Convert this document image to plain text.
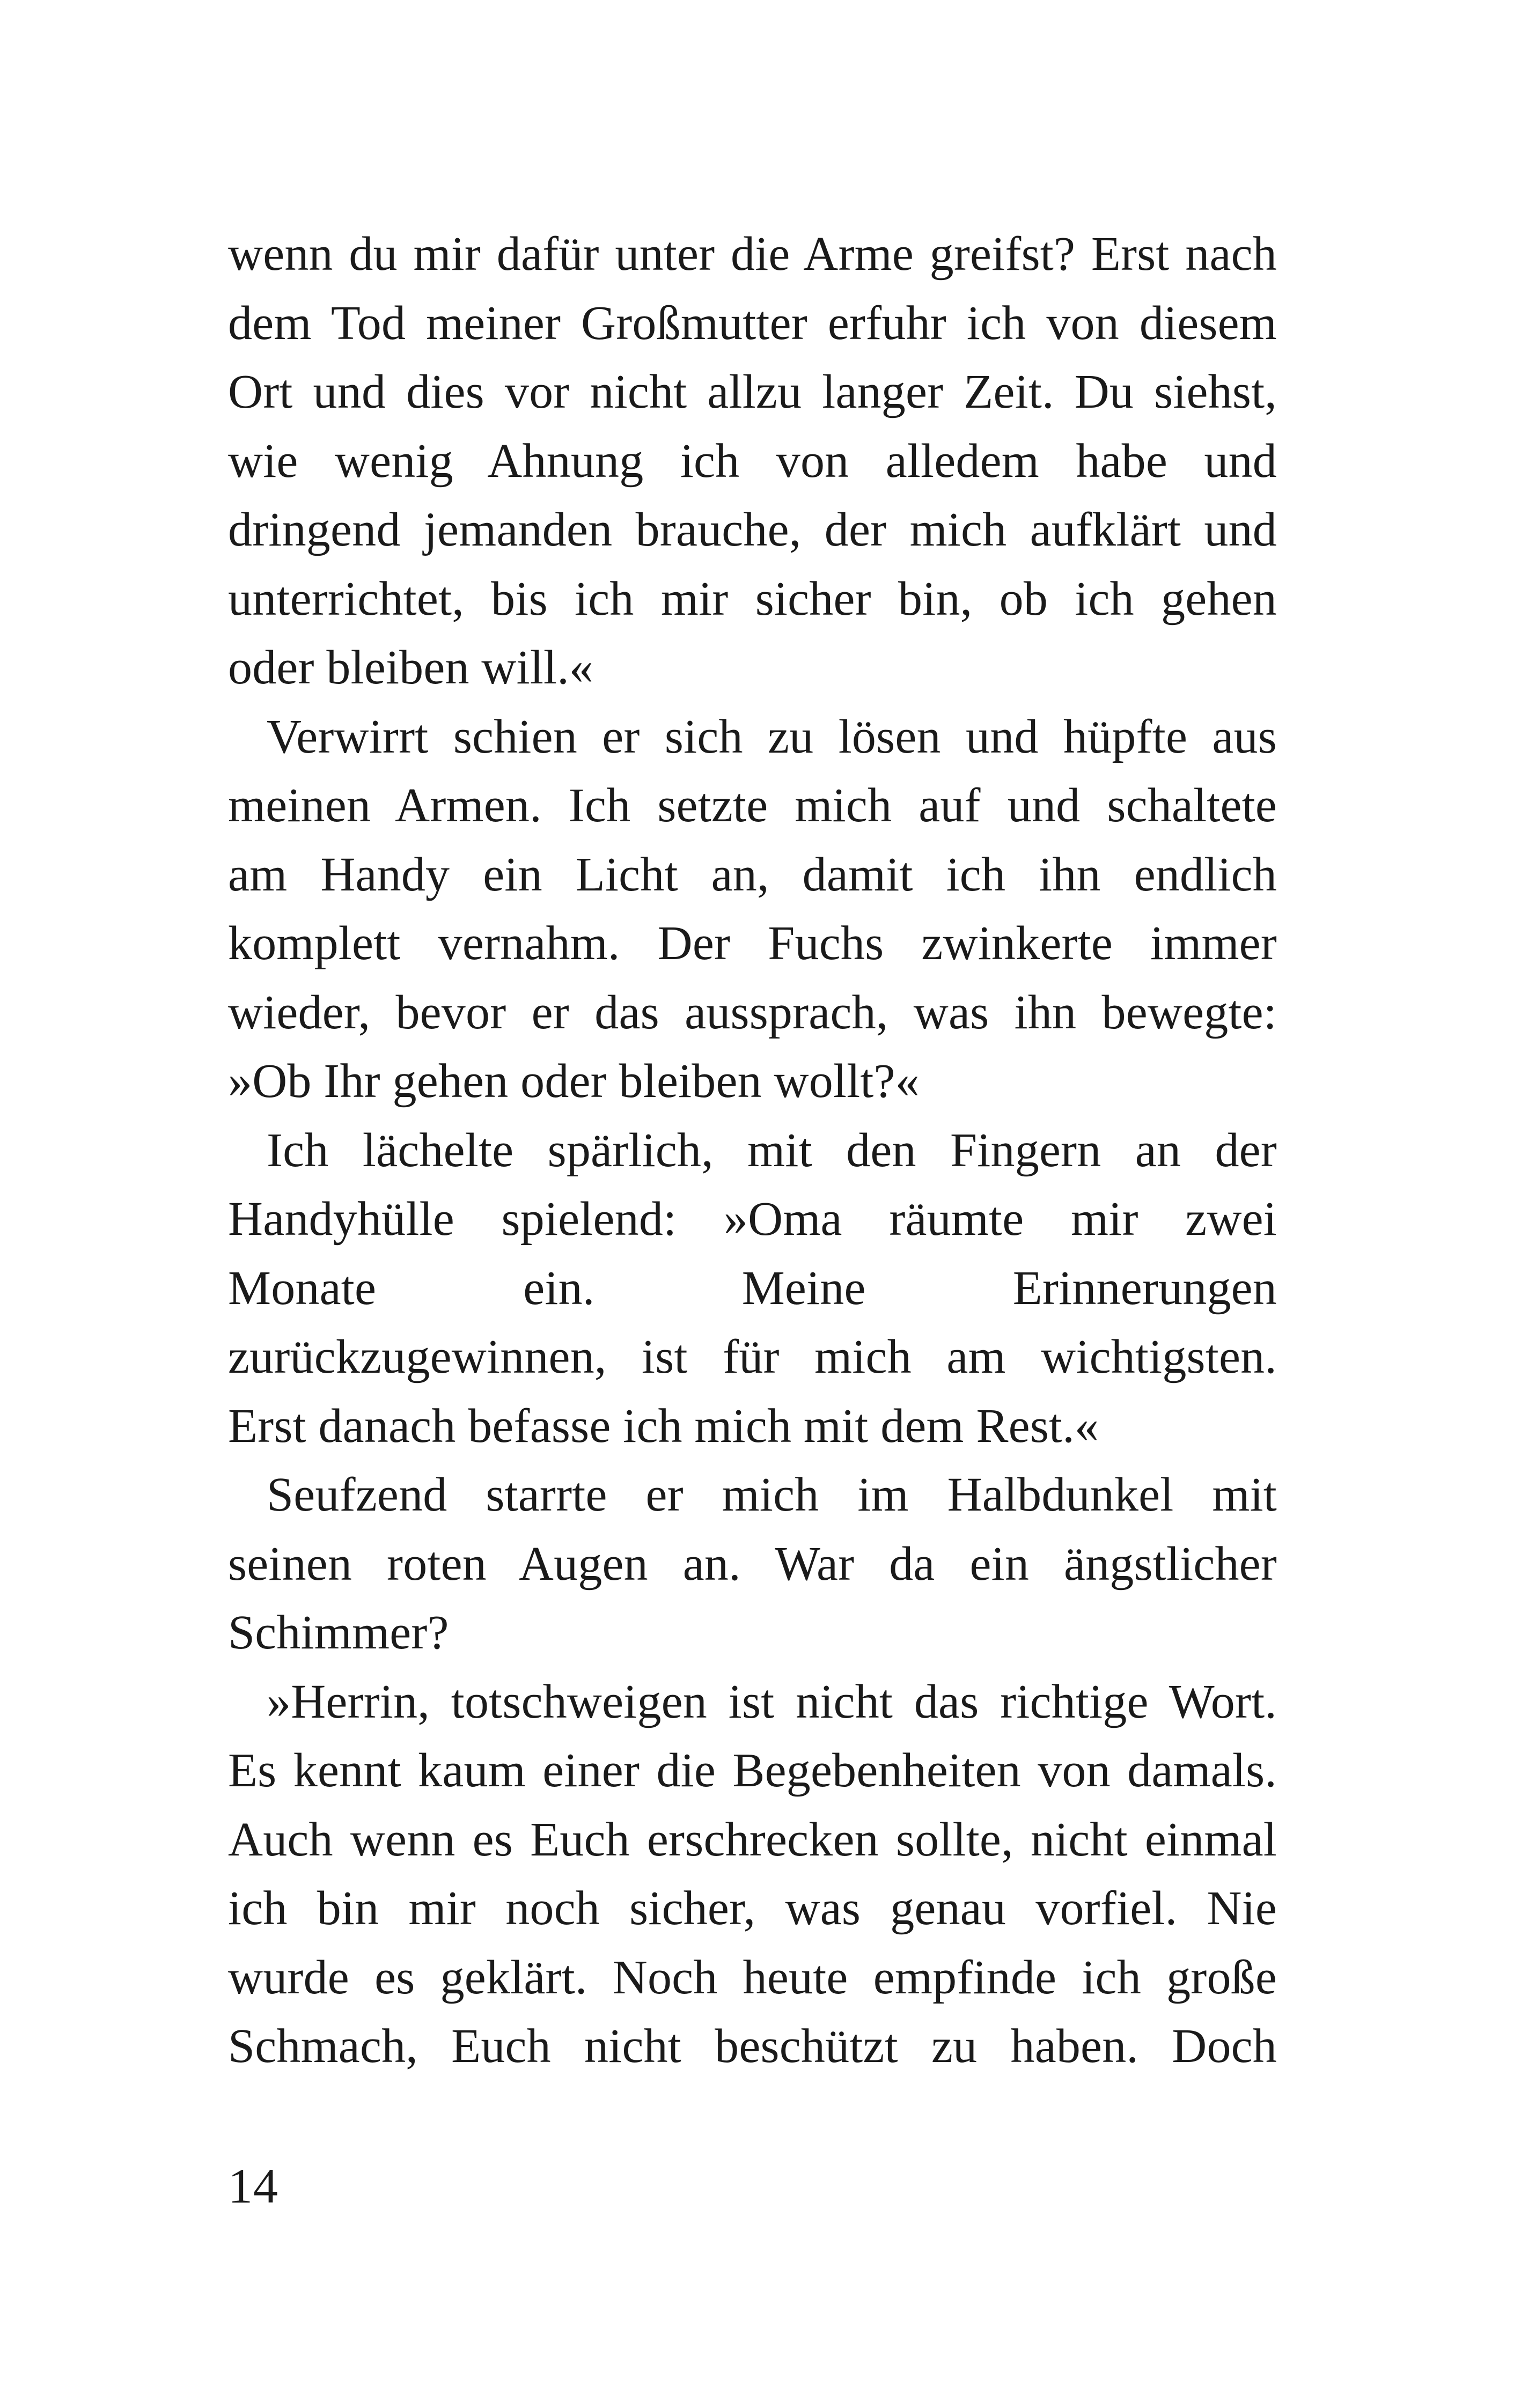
wenn du mir dafür unter die Arme greifst? Erst nach
dem Tod meiner Großmutter erfuhr ich von diesem
Ort und dies vor nicht allzu langer Zeit. Du siehst,
wie wenig Ahnung ich von alledem habe und
dringend jemanden brauche, der mich aufklärt und
unterrichtet, bis ich mir sicher bin, ob ich gehen
oder bleiben will.«
Verwirrt schien er sich zu lösen und hüpfte aus
meinen Armen. Ich setzte mich auf und schaltete
am Handy ein Licht an, damit ich ihn endlich
komplett vernahm. Der Fuchs zwinkerte immer
wieder, bevor er das aussprach, was ihn bewegte:
»Ob Ihr gehen oder bleiben wollt?«
Ich lächelte spärlich, mit den Fingern an der
Handyhülle spielend: »Oma räumte mir zwei
Monate ein. Meine Erinnerungen
zurückzugewinnen, ist für mich am wichtigsten.
Erst danach befasse ich mich mit dem Rest.«
Seufzend starrte er mich im Halbdunkel mit
seinen roten Augen an. War da ein ängstlicher
Schimmer?
»Herrin, totschweigen ist nicht das richtige Wort.
Es kennt kaum einer die Begebenheiten von damals.
Auch wenn es Euch erschrecken sollte, nicht einmal
ich bin mir noch sicher, was genau vorfiel. Nie
wurde es geklärt. Noch heute empfinde ich große
Schmach, Euch nicht beschützt zu haben. Doch
14
